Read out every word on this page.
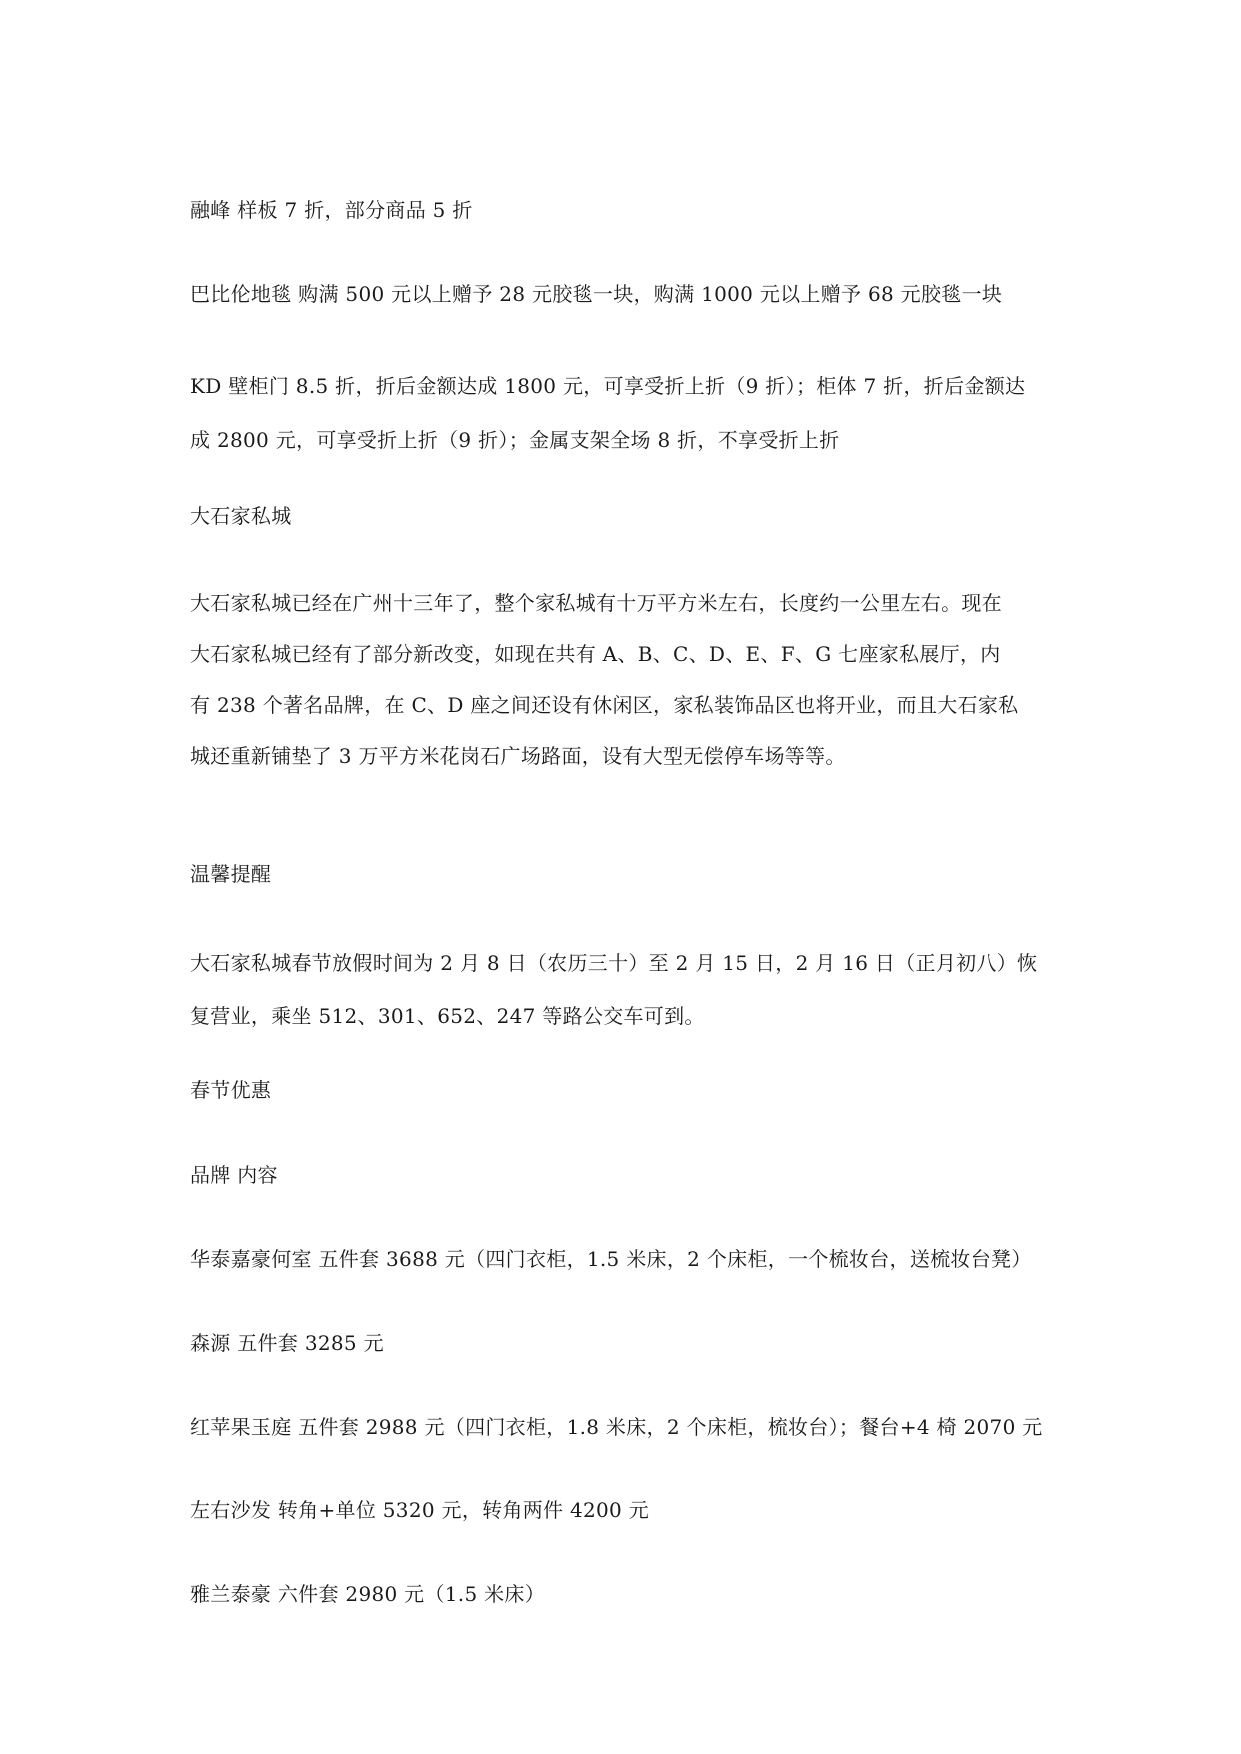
融峰 样板 7 折，部分商品 5 折

巴比伦地毯 购满 500 元以上赠予 28 元胶毯一块，购满 1000 元以上赠予 68 元胶毯一块

KD 壁柜门 8.5 折，折后金额达成 1800 元，可享受折上折（9 折）；柜体 7 折，折后金额达
成 2800 元，可享受折上折（9 折）；金属支架全场 8 折，不享受折上折

大石家私城

大石家私城已经在广州十三年了，整个家私城有十万平方米左右，长度约一公里左右。现在
大石家私城已经有了部分新改变，如现在共有 A、B、C、D、E、F、G 七座家私展厅，内
有 238 个著名品牌，在 C、D 座之间还设有休闲区，家私装饰品区也将开业，而且大石家私
城还重新铺垫了 3 万平方米花岗石广场路面，设有大型无偿停车场等等。

温馨提醒

大石家私城春节放假时间为 2 月 8 日（农历三十）至 2 月 15 日，2 月 16 日（正月初八）恢
复营业，乘坐 512、301、652、247 等路公交车可到。

春节优惠

品牌 内容

华泰嘉豪何室 五件套 3688 元（四门衣柜，1.5 米床，2 个床柜，一个梳妆台，送梳妆台凳）

森源 五件套 3285 元

红苹果玉庭 五件套 2988 元（四门衣柜，1.8 米床，2 个床柜，梳妆台）；餐台+4 椅 2070 元

左右沙发 转角+单位 5320 元，转角两件 4200 元

雅兰泰豪 六件套 2980 元（1.5 米床）
